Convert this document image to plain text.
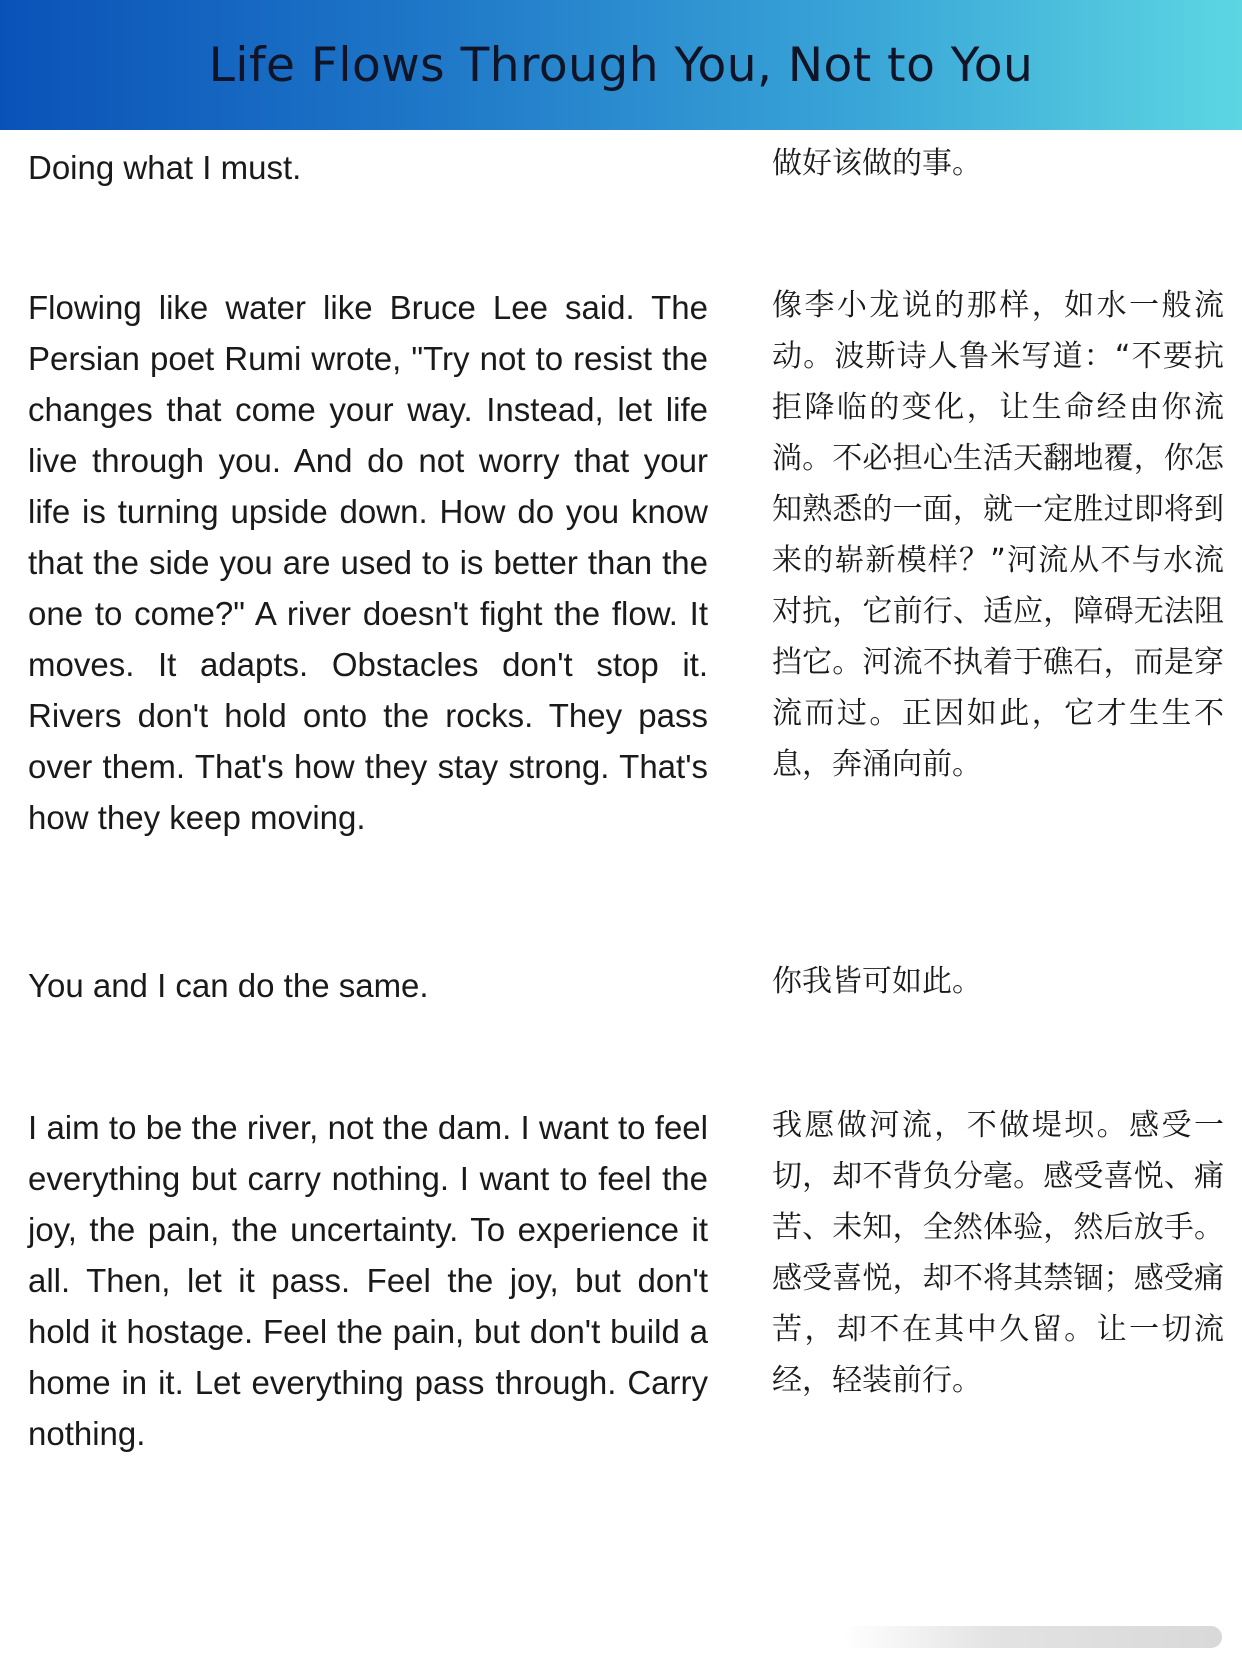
Life Flows Through You, Not to You

Doing what I must.	做好该做的事。

Flowing like water like Bruce Lee said. The Persian poet Rumi wrote, "Try not to resist the changes that come your way. Instead, let life live through you. And do not worry that your life is turning upside down. How do you know that the side you are used to is better than the one to come?" A river doesn't fight the flow. It moves. It adapts. Obstacles don't stop it. Rivers don't hold onto the rocks. They pass over them. That's how they stay strong. That's how they keep moving.

像李小龙说的那样，如水一般流动。波斯诗人鲁米写道：“不要抗拒降临的变化，让生命经由你流淌。不必担心生活天翻地覆，你怎知熟悉的一面，就一定胜过即将到来的崭新模样？”河流从不与水流对抗，它前行、适应，障碍无法阻挡它。河流不执着于礁石，而是穿流而过。正因如此，它才生生不息，奔涌向前。

You and I can do the same.	你我皆可如此。

I aim to be the river, not the dam. I want to feel everything but carry nothing. I want to feel the joy, the pain, the uncertainty. To experience it all. Then, let it pass. Feel the joy, but don't hold it hostage. Feel the pain, but don't build a home in it. Let everything pass through. Carry nothing.

我愿做河流，不做堤坝。感受一切，却不背负分毫。感受喜悦、痛苦、未知，全然体验，然后放手。感受喜悦，却不将其禁锢；感受痛苦，却不在其中久留。让一切流经，轻装前行。
